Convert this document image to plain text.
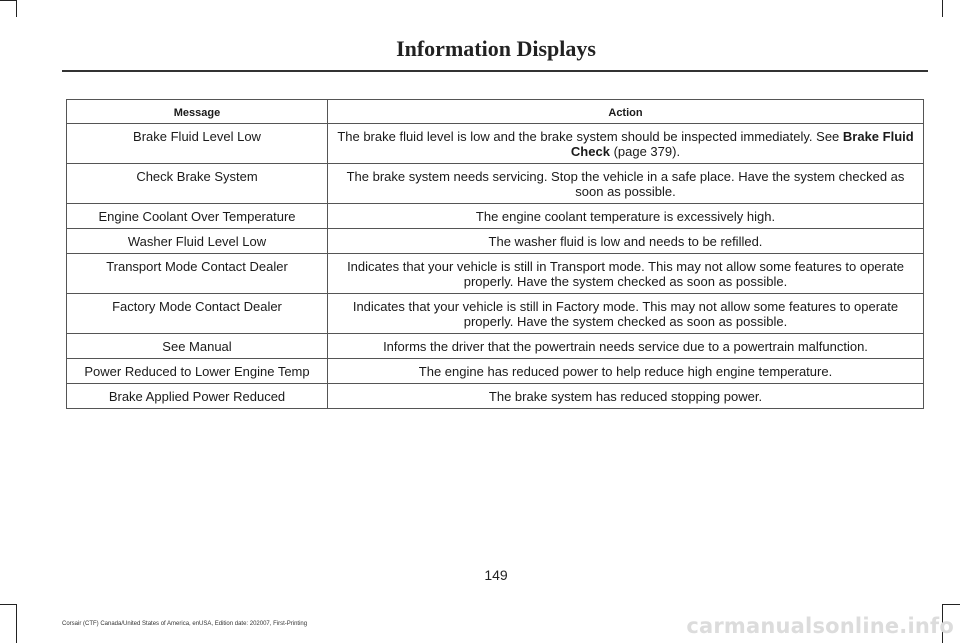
Information Displays
Message	Action
Brake Fluid Level Low	The brake fluid level is low and the brake system should be inspected immediately. See Brake Fluid Check (page 379).
Check Brake System	The brake system needs servicing. Stop the vehicle in a safe place. Have the system checked as soon as possible.
Engine Coolant Over Temperature	The engine coolant temperature is excessively high.
Washer Fluid Level Low	The washer fluid is low and needs to be refilled.
Transport Mode Contact Dealer	Indicates that your vehicle is still in Transport mode. This may not allow some features to operate properly. Have the system checked as soon as possible.
Factory Mode Contact Dealer	Indicates that your vehicle is still in Factory mode. This may not allow some features to operate properly. Have the system checked as soon as possible.
See Manual	Informs the driver that the powertrain needs service due to a powertrain malfunction.
Power Reduced to Lower Engine Temp	The engine has reduced power to help reduce high engine temperature.
Brake Applied Power Reduced	The brake system has reduced stopping power.
149
Corsair (CTF) Canada/United States of America, enUSA, Edition date: 202007, First-Printing	carmanualsonline.info
